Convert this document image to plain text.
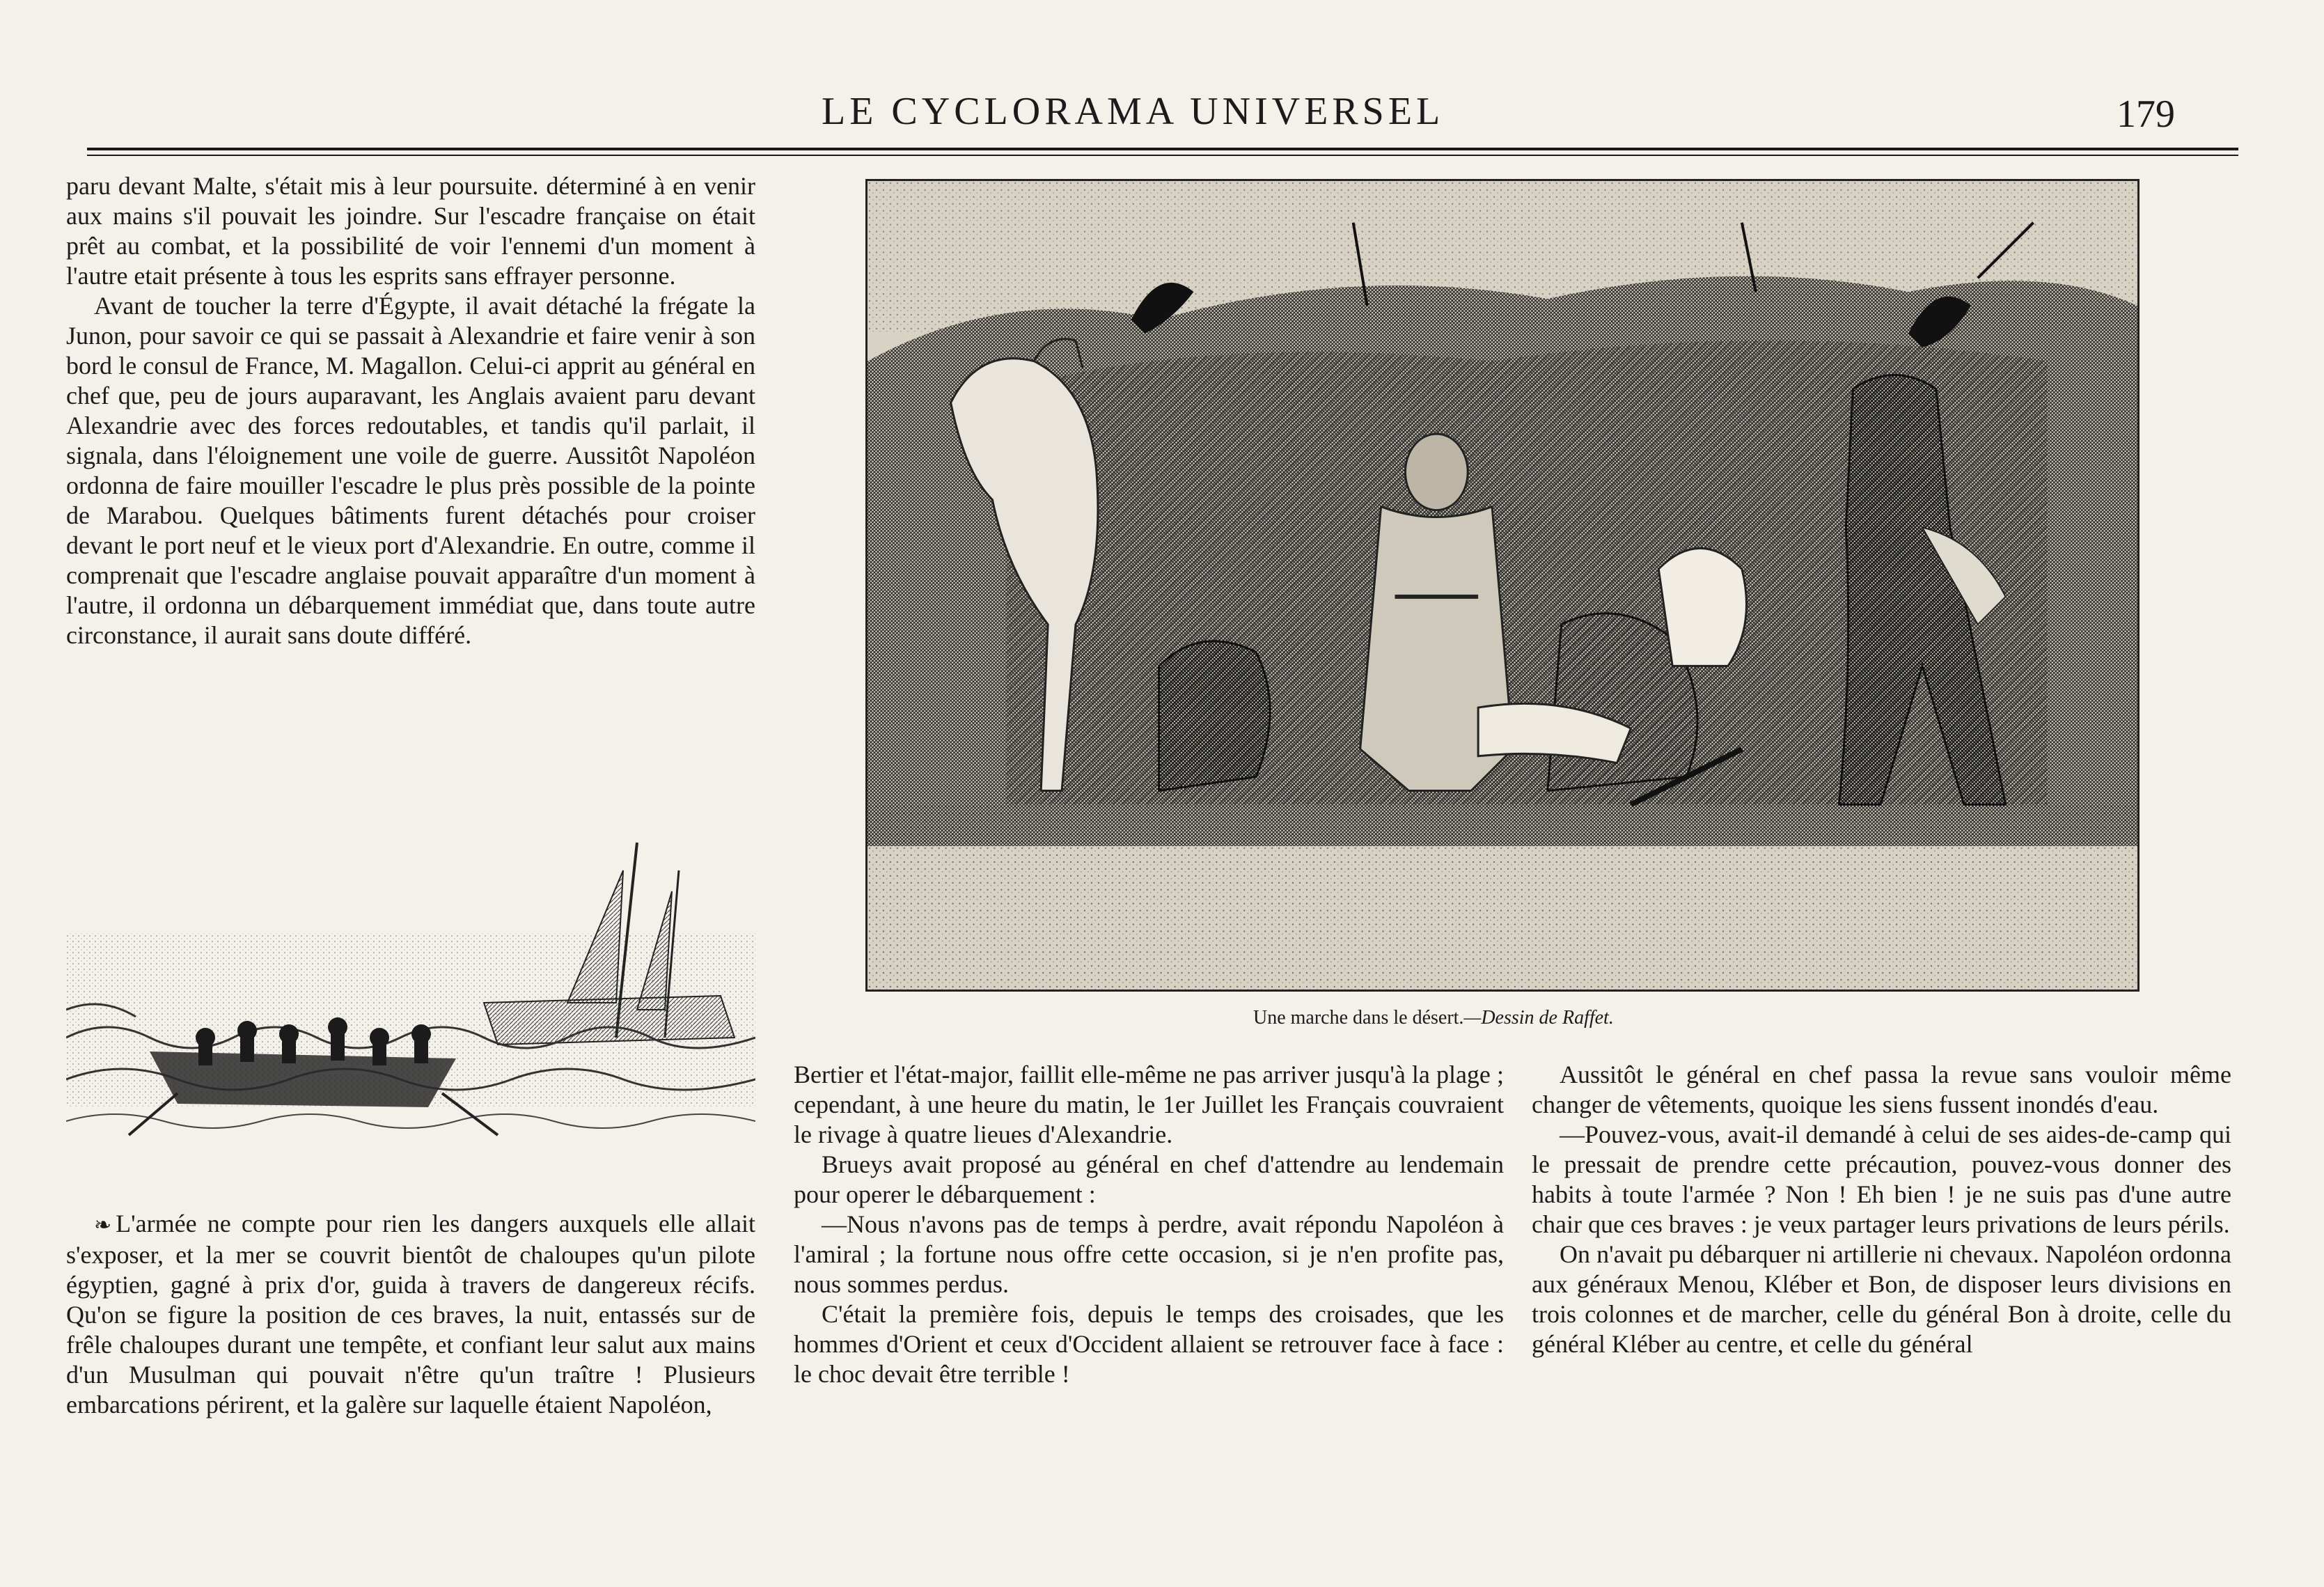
LE CYCLORAMA UNIVERSEL	179

paru devant Malte, s'était mis à leur poursuite. déterminé à en venir aux mains s'il pouvait les joindre. Sur l'escadre française on était prêt au combat, et la possibilité de voir l'ennemi d'un moment à l'autre etait présente à tous les esprits sans effrayer personne.

Avant de toucher la terre d'Égypte, il avait détaché la frégate la Junon, pour savoir ce qui se passait à Alexandrie et faire venir à son bord le consul de France, M. Magallon. Celui-ci apprit au général en chef que, peu de jours auparavant, les Anglais avaient paru devant Alexandrie avec des forces redoutables, et tandis qu'il parlait, il signala, dans l'éloignement une voile de guerre. Aussitôt Napoléon ordonna de faire mouiller l'escadre le plus près possible de la pointe de Marabou. Quelques bâtiments furent détachés pour croiser devant le port neuf et le vieux port d'Alexandrie. En outre, comme il comprenait que l'escadre anglaise pouvait apparaître d'un moment à l'autre, il ordonna un débarquement immédiat que, dans toute autre circonstance, il aurait sans doute différé.

❧ L'armée ne compte pour rien les dangers auxquels elle allait s'exposer, et la mer se couvrit bientôt de chaloupes qu'un pilote égyptien, gagné à prix d'or, guida à travers de dangereux récifs. Qu'on se figure la position de ces braves, la nuit, entassés sur de frêle chaloupes durant une tempête, et confiant leur salut aux mains d'un Musulman qui pouvait n'être qu'un traître ! Plusieurs embarcations périrent, et la galère sur laquelle étaient Napoléon,

Une marche dans le désert.—Dessin de Raffet.

Bertier et l'état-major, faillit elle-même ne pas arriver jusqu'à la plage ; cependant, à une heure du matin, le 1er Juillet les Français couvraient le rivage à quatre lieues d'Alexandrie.

Brueys avait proposé au général en chef d'attendre au lendemain pour operer le débarquement :

—Nous n'avons pas de temps à perdre, avait répondu Napoléon à l'amiral ; la fortune nous offre cette occasion, si je n'en profite pas, nous sommes perdus.

C'était la première fois, depuis le temps des croisades, que les hommes d'Orient et ceux d'Occident allaient se retrouver face à face : le choc devait être terrible !

Aussitôt le général en chef passa la revue sans vouloir même changer de vêtements, quoique les siens fussent inondés d'eau.

—Pouvez-vous, avait-il demandé à celui de ses aides-de-camp qui le pressait de prendre cette précaution, pouvez-vous donner des habits à toute l'armée ? Non ! Eh bien ! je ne suis pas d'une autre chair que ces braves : je veux partager leurs privations de leurs périls.

On n'avait pu débarquer ni artillerie ni chevaux. Napoléon ordonna aux généraux Menou, Kléber et Bon, de disposer leurs divisions en trois colonnes et de marcher, celle du général Bon à droite, celle du général Kléber au centre, et celle du général
